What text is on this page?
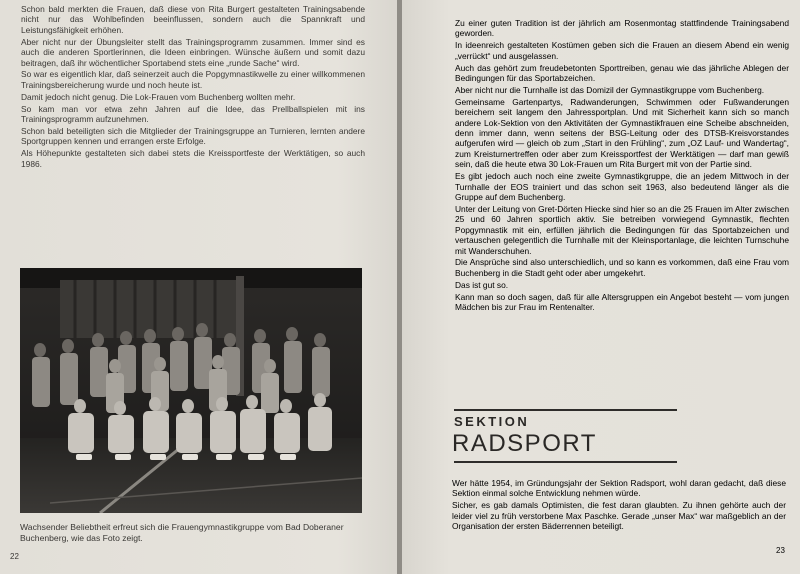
Schon bald merkten die Frauen, daß diese von Rita Burgert gestalteten Trainingsabende nicht nur das Wohlbefinden beeinflussen, sondern auch die Spannkraft und Leistungsfähigkeit erhöhen.

Aber nicht nur der Übungsleiter stellt das Trainingsprogramm zusammen. Immer sind es auch die anderen Sportlerinnen, die Ideen einbringen. Wünsche äußern und somit dazu beitragen, daß ihr wöchentlicher Sportabend stets eine „runde Sache“ wird.

So war es eigentlich klar, daß seinerzeit auch die Popgymnastikwelle zu einer willkommenen Trainingsbereicherung wurde und noch heute ist.

Damit jedoch nicht genug. Die Lok-Frauen vom Buchenberg wollten mehr.

So kam man vor etwa zehn Jahren auf die Idee, das Prellballspielen mit ins Trainingsprogramm aufzunehmen.

Schon bald beteiligten sich die Mitglieder der Trainingsgruppe an Turnieren, lernten andere Sportgruppen kennen und errangen erste Erfolge.

Als Höhepunkte gestalteten sich dabei stets die Kreissportfeste der Werktätigen, so auch 1986.

Wachsender Beliebtheit erfreut sich die Frauengymnastikgruppe vom Bad Doberaner Buchenberg, wie das Foto zeigt.
22

Zu einer guten Tradition ist der jährlich am Rosenmontag stattfindende Trainingsabend geworden.

In ideenreich gestalteten Kostümen geben sich die Frauen an diesem Abend ein wenig „verrückt“ und ausgelassen.

Auch das gehört zum freudebetonten Sporttreiben, genau wie das jährliche Ablegen der Bedingungen für das Sportabzeichen.

Aber nicht nur die Turnhalle ist das Domizil der Gymnastikgruppe vom Buchenberg.

Gemeinsame Gartenpartys, Radwanderungen, Schwimmen oder Fußwanderungen bereichern seit langem den Jahressportplan. Und mit Sicherheit kann sich so manch andere Lok-Sektion von den Aktivitäten der Gymnastikfrauen eine Scheibe abschneiden, denn immer dann, wenn seitens der BSG-Leitung oder des DTSB-Kreisvorstandes aufgerufen wird — gleich ob zum „Start in den Frühling“, zum „OZ Lauf- und Wandertag“, zum Kreisturnertreffen oder aber zum Kreissportfest der Werktätigen — darf man gewiß sein, daß die heute etwa 30 Lok-Frauen um Rita Burgert mit von der Partie sind.

Es gibt jedoch auch noch eine zweite Gymnastikgruppe, die an jedem Mittwoch in der Turnhalle der EOS trainiert und das schon seit 1963, also bedeutend länger als die Gruppe auf dem Buchenberg.

Unter der Leitung von Gret-Dörten Hiecke sind hier so an die 25 Frauen im Alter zwischen 25 und 60 Jahren sportlich aktiv. Sie betreiben vorwiegend Gymnastik, flechten Popgymnastik mit ein, erfüllen jährlich die Bedingungen für das Sportabzeichen und vertauschen gelegentlich die Turnhalle mit der Kleinsportanlage, die leichten Turnschuhe mit Wanderschuhen.

Die Ansprüche sind also unterschiedlich, und so kann es vorkommen, daß eine Frau vom Buchenberg in die Stadt geht oder aber umgekehrt.

Das ist gut so.

Kann man so doch sagen, daß für alle Altersgruppen ein Angebot besteht — vom jungen Mädchen bis zur Frau im Rentenalter.

SEKTION
RADSPORT

Wer hätte 1954, im Gründungsjahr der Sektion Radsport, wohl daran gedacht, daß diese Sektion einmal solche Entwicklung nehmen würde.

Sicher, es gab damals Optimisten, die fest daran glaubten. Zu ihnen gehörte auch der leider viel zu früh verstorbene Max Paschke. Gerade „unser Max“ war maßgeblich an der Organisation der ersten Bäderrennen beteiligt.

23
